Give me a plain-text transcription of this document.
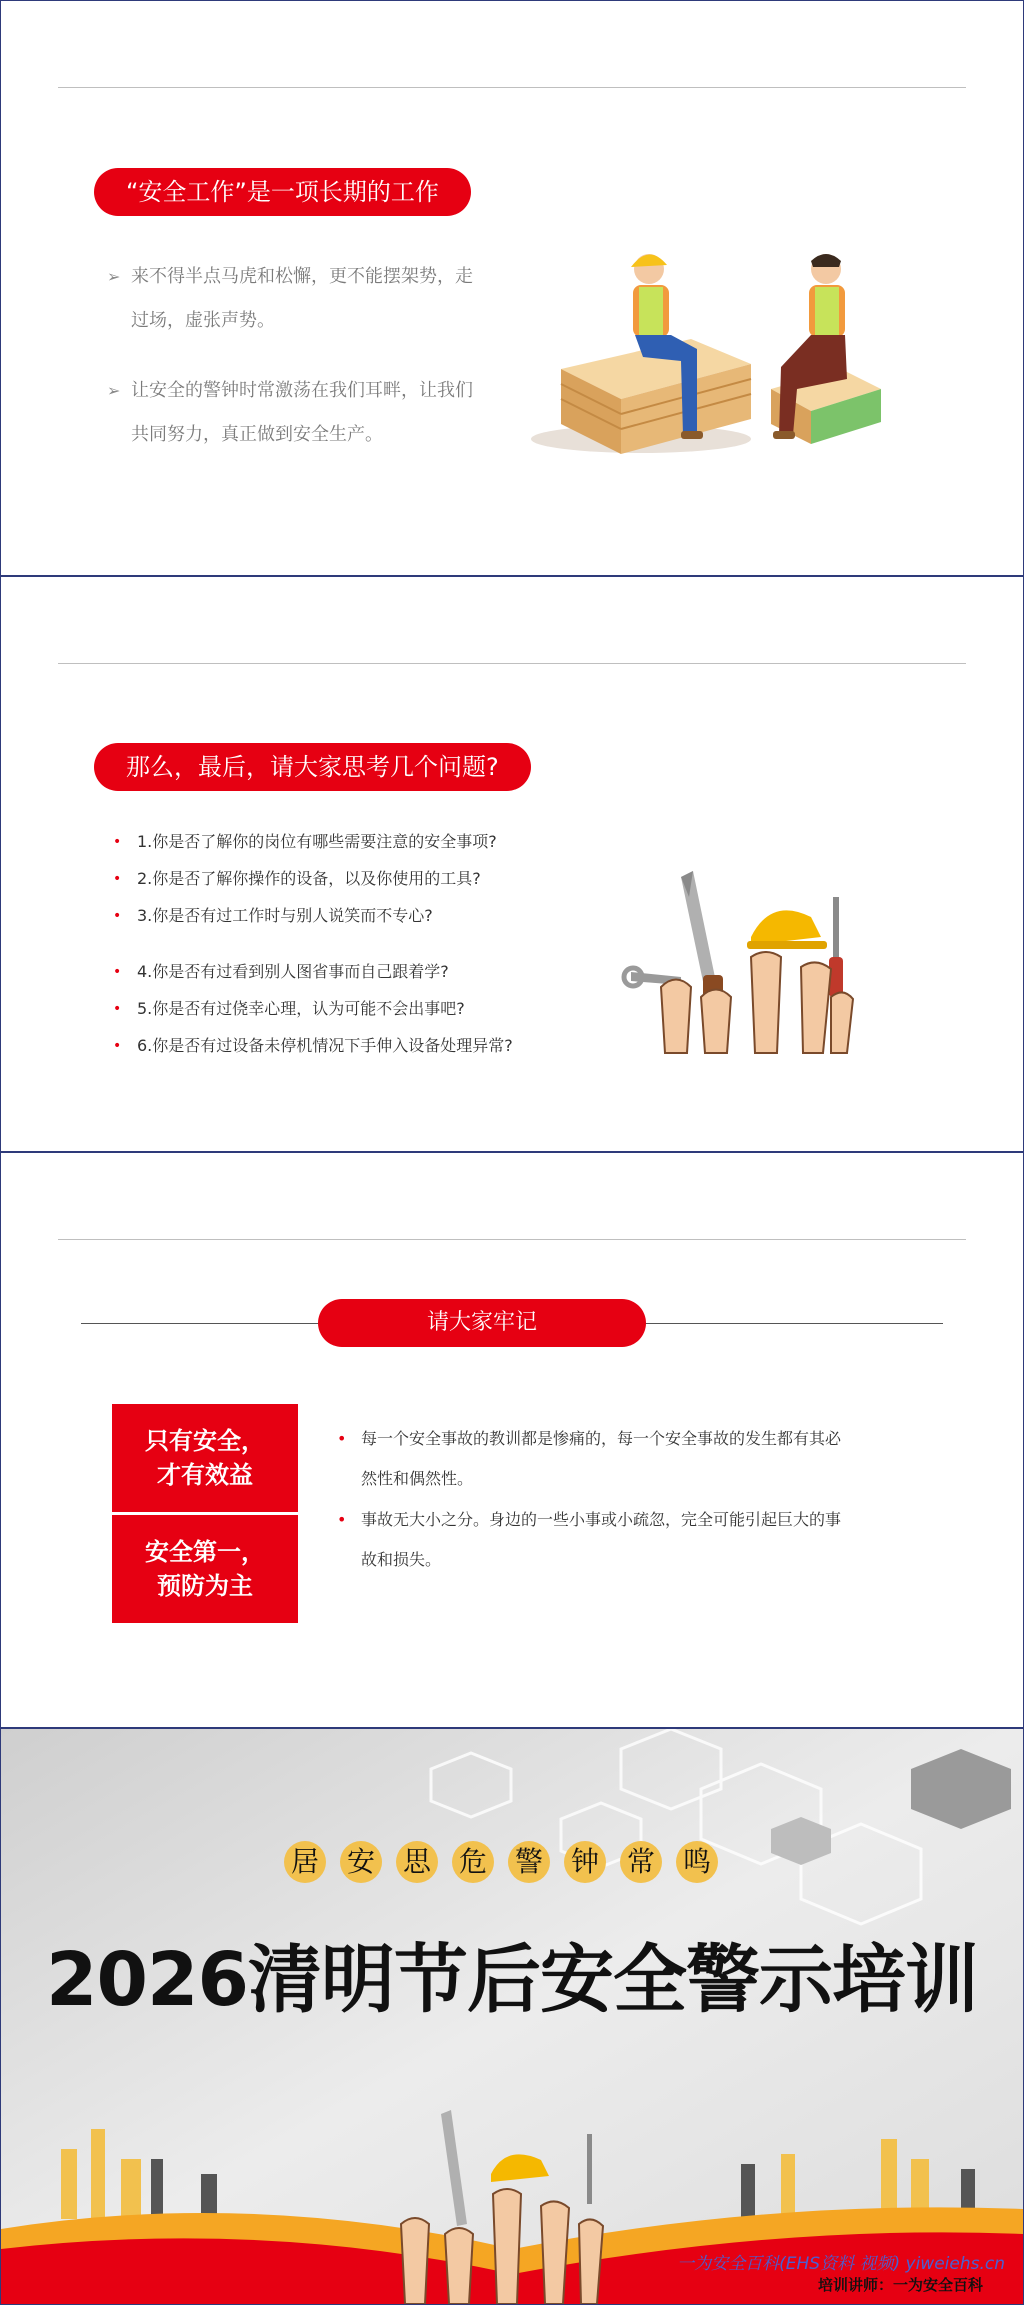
“安全工作”是一项长期的工作
➢ 来不得半点马虎和松懈，更不能摆架势，走过场，虚张声势。
➢ 让安全的警钟时常激荡在我们耳畔，让我们共同努力，真正做到安全生产。
那么，最后，请大家思考几个问题?
• 1.你是否了解你的岗位有哪些需要注意的安全事项?
• 2.你是否了解你操作的设备，以及你使用的工具?
• 3.你是否有过工作时与别人说笑而不专心?
• 4.你是否有过看到别人图省事而自己跟着学?
• 5.你是否有过侥幸心理，认为可能不会出事吧?
• 6.你是否有过设备未停机情况下手伸入设备处理异常?
请大家牢记
只有安全，
才有效益
安全第一，
预防为主
• 每一个安全事故的教训都是惨痛的，每一个安全事故的发生都有其必然性和偶然性。
• 事故无大小之分。身边的一些小事或小疏忽，完全可能引起巨大的事故和损失。
居 安 思 危 警 钟 常 鸣
2026清明节后安全警示培训
一为安全百科(EHS资料 视频) yiweiehs.cn
培训讲师：一为安全百科
